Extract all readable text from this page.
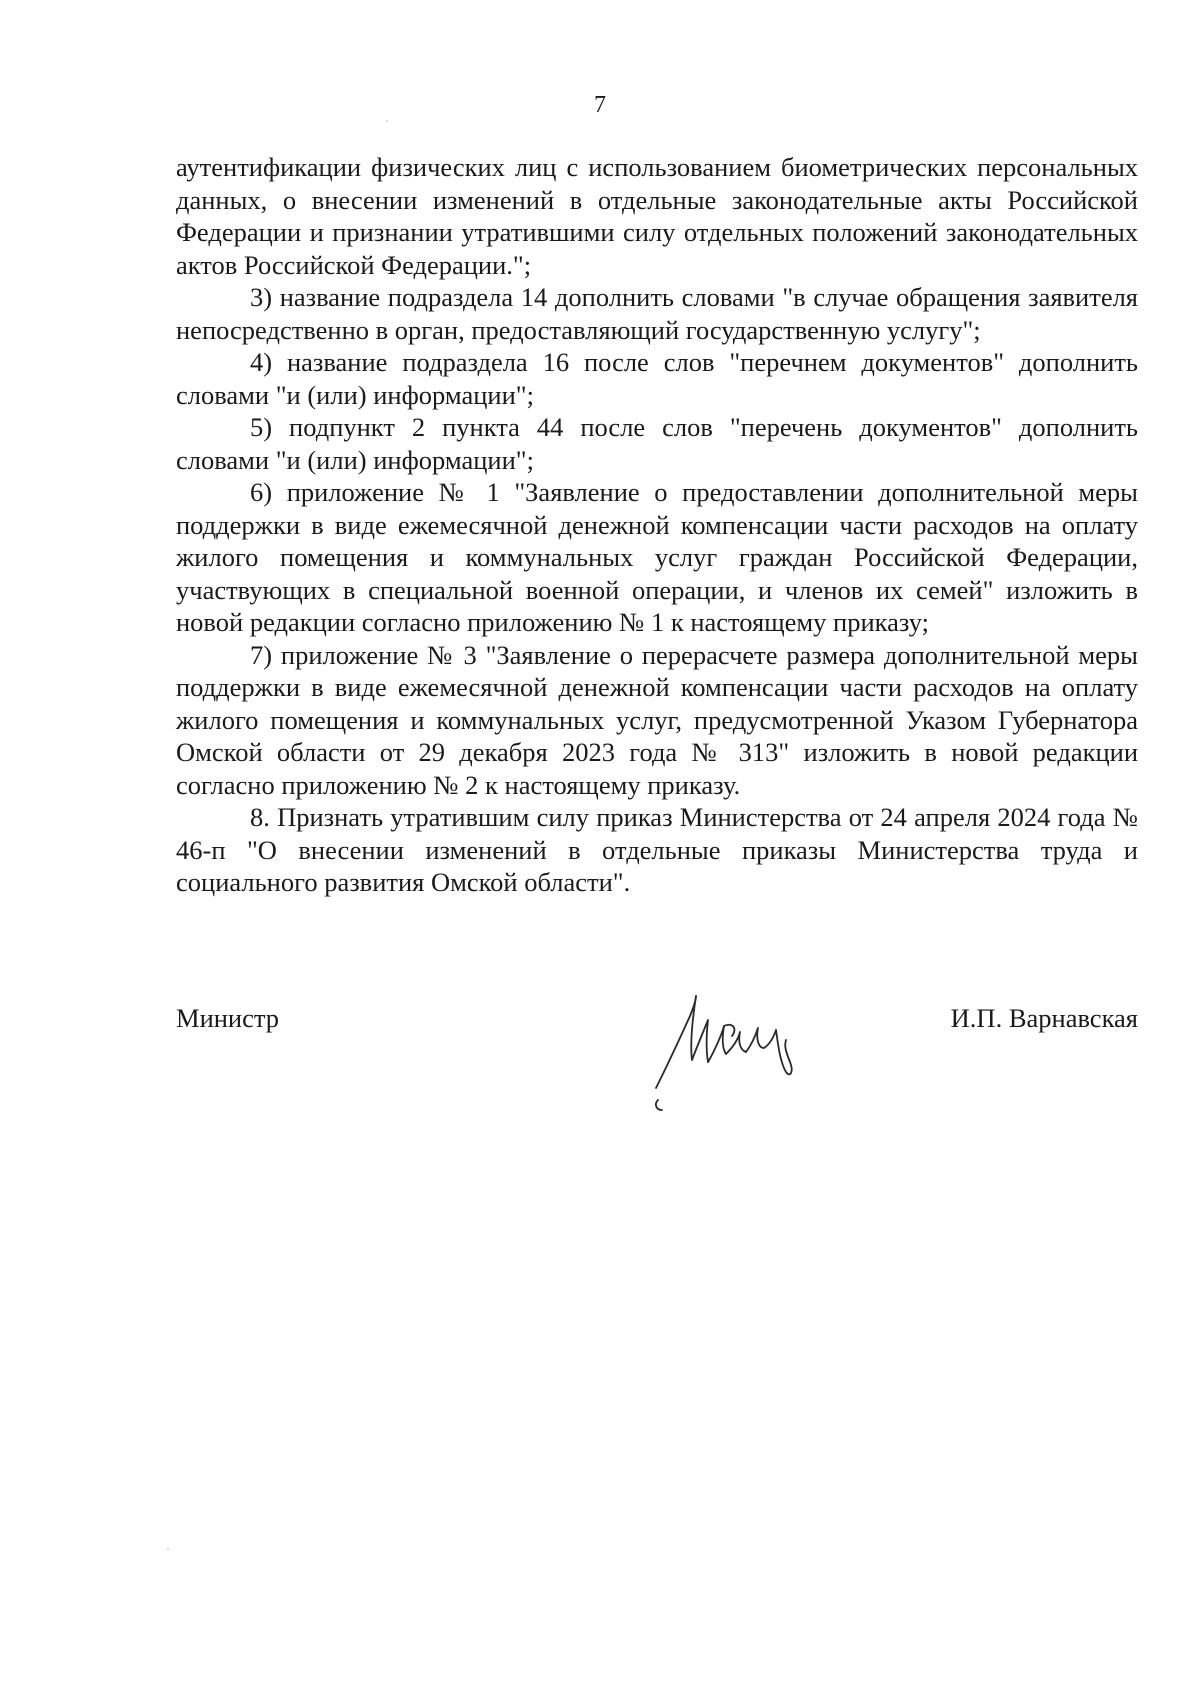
7

аутентификации физических лиц с использованием биометрических персональных данных, о внесении изменений в отдельные законодательные акты Российской Федерации и признании утратившими силу отдельных положений законодательных актов Российской Федерации.";

3) название подраздела 14 дополнить словами "в случае обращения заявителя непосредственно в орган, предоставляющий государственную услугу";

4) название подраздела 16 после слов "перечнем документов" дополнить словами "и (или) информации";

5) подпункт 2 пункта 44 после слов "перечень документов" дополнить словами "и (или) информации";

6) приложение № 1 "Заявление о предоставлении дополнительной меры поддержки в виде ежемесячной денежной компенсации части расходов на оплату жилого помещения и коммунальных услуг граждан Российской Федерации, участвующих в специальной военной операции, и членов их семей" изложить в новой редакции согласно приложению № 1 к настоящему приказу;

7) приложение № 3 "Заявление о перерасчете размера дополнительной меры поддержки в виде ежемесячной денежной компенсации части расходов на оплату жилого помещения и коммунальных услуг, предусмотренной Указом Губернатора Омской области от 29 декабря 2023 года № 313" изложить в новой редакции согласно приложению № 2 к настоящему приказу.

8. Признать утратившим силу приказ Министерства от 24 апреля 2024 года № 46-п "О внесении изменений в отдельные приказы Министерства труда и социального развития Омской области".

Министр	И.П. Варнавская
